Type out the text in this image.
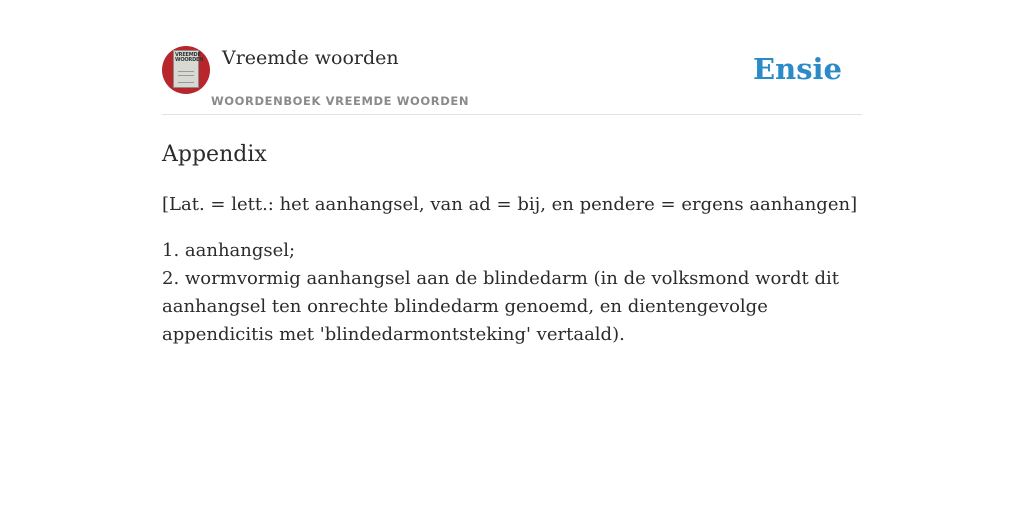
VREEMDE WOORDEN Vreemde woorden
WOORDENBOEK VREEMDE WOORDEN
Ensie
Appendix

[Lat. = lett.: het aanhangsel, van ad = bij, en pendere = ergens aanhangen]

1. aanhangsel;
2. wormvormig aanhangsel aan de blindedarm (in de volksmond wordt dit aanhangsel ten onrechte blindedarm genoemd, en dientengevolge appendicitis met 'blindedarmontsteking' vertaald).
